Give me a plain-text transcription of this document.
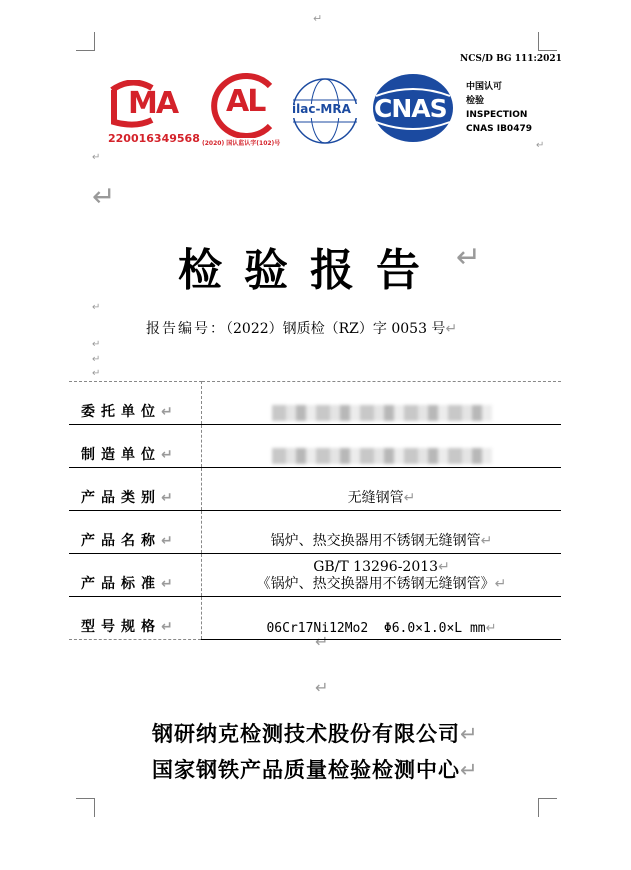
↵
↵
↵
↵
↵
↵
↵
↵
↵
↵
NCS/D BG 111:2021
MA
220016349568
AL
(2020) 国认监认字(102)号
ilac-MRA CNAS
中国认可
检验
INSPECTION
CNAS IB0479
检验报告 ↵
报告编号：（2022）钢质检（RZ）字 0053 号↵
委托单位↵	
制造单位↵	
产品类别↵	无缝钢管↵
产品名称↵	锅炉、热交换器用不锈钢无缝钢管↵
产品标准↵	GB/T 13296-2013↵
《锅炉、热交换器用不锈钢无缝钢管》↵

型号规格↵	06Cr17Ni12Mo2  Φ6.0×1.0×L mm↵
钢研纳克检测技术股份有限公司↵
国家钢铁产品质量检验检测中心↵
